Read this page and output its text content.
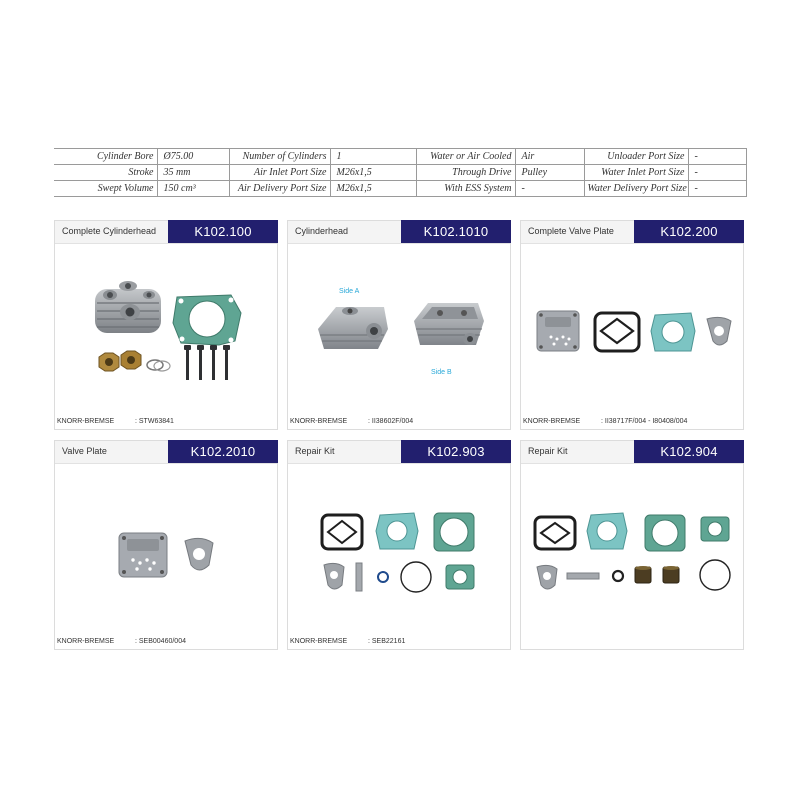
Cylinder Bore	Ø75.00	Number of Cylinders	1	Water or Air Cooled	Air	Unloader Port Size	-
Stroke	35 mm	Air Inlet Port Size	M26x1,5	Through Drive	Pulley	Water Inlet Port Size	-
Swept Volume	150 cm³	Air Delivery Port Size	M26x1,5	With ESS System	-	Water Delivery Port Size	-
Complete Cylinderhead	K102.100
KNORR-BREMSE	: STW63841
Cylinderhead	K102.1010
Side A
Side B
KNORR-BREMSE	: II38602F/004
Complete Valve Plate	K102.200
KNORR-BREMSE	: II38717F/004 - I80408/004
Valve Plate	K102.2010
KNORR-BREMSE	: SEB00460/004
Repair Kit	K102.903
KNORR-BREMSE	: SEB22161
Repair Kit	K102.904
